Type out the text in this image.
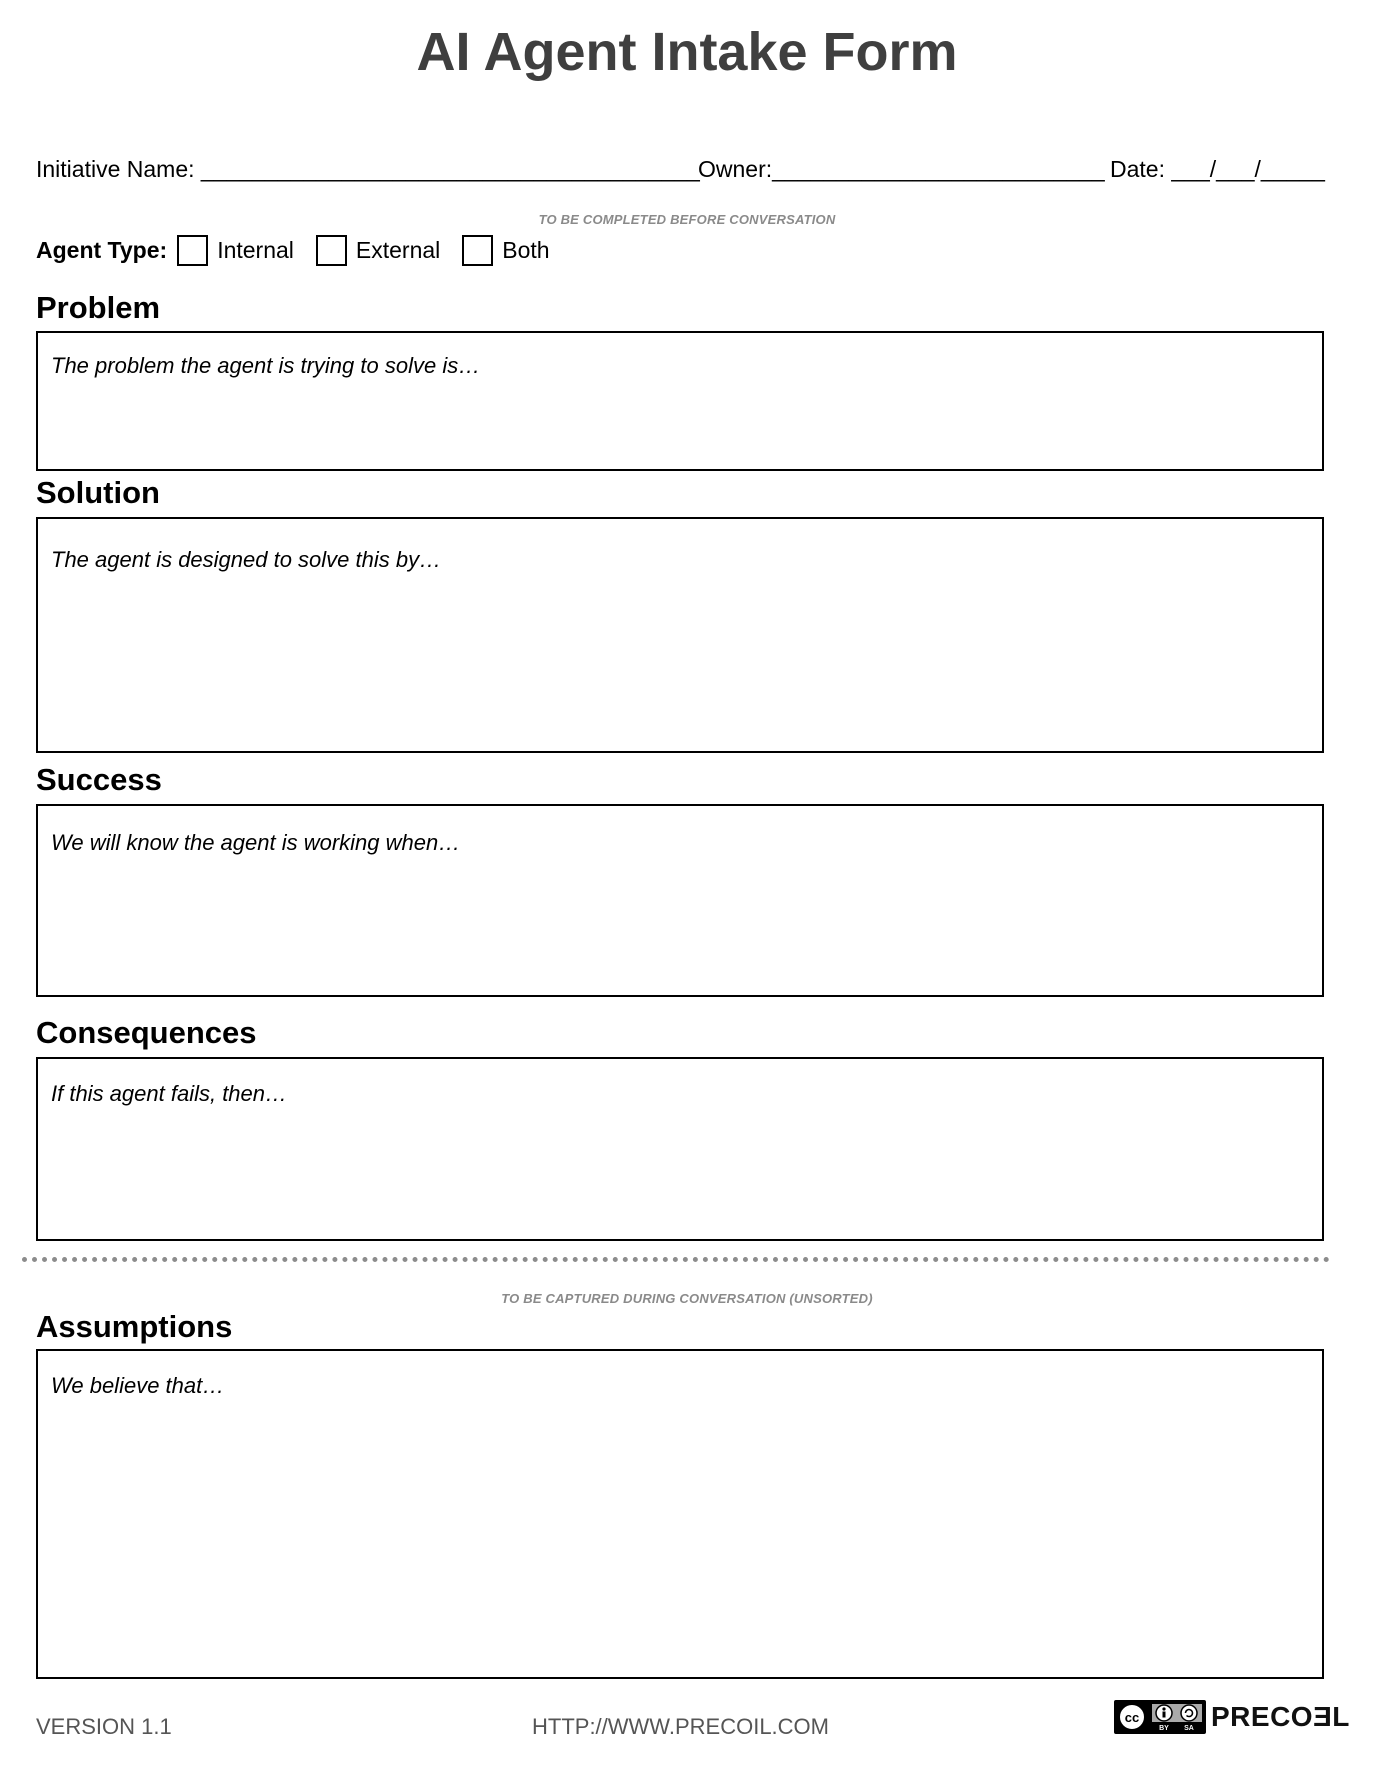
AI Agent Intake Form
Initiative Name: _______________________________________
Owner:__________________________ Date: ___/___/_____
TO BE COMPLETED BEFORE CONVERSATION
Agent Type: Internal	External	Both
Problem
The problem the agent is trying to solve is…
Solution
The agent is designed to solve this by…
Success
We will know the agent is working when…
Consequences
If this agent fails, then…
TO BE CAPTURED DURING CONVERSATION (UNSORTED)
Assumptions
We believe that…
VERSION 1.1	HTTP://WWW.PRECOIL.COM	cc
BY SA PRECOƎL
